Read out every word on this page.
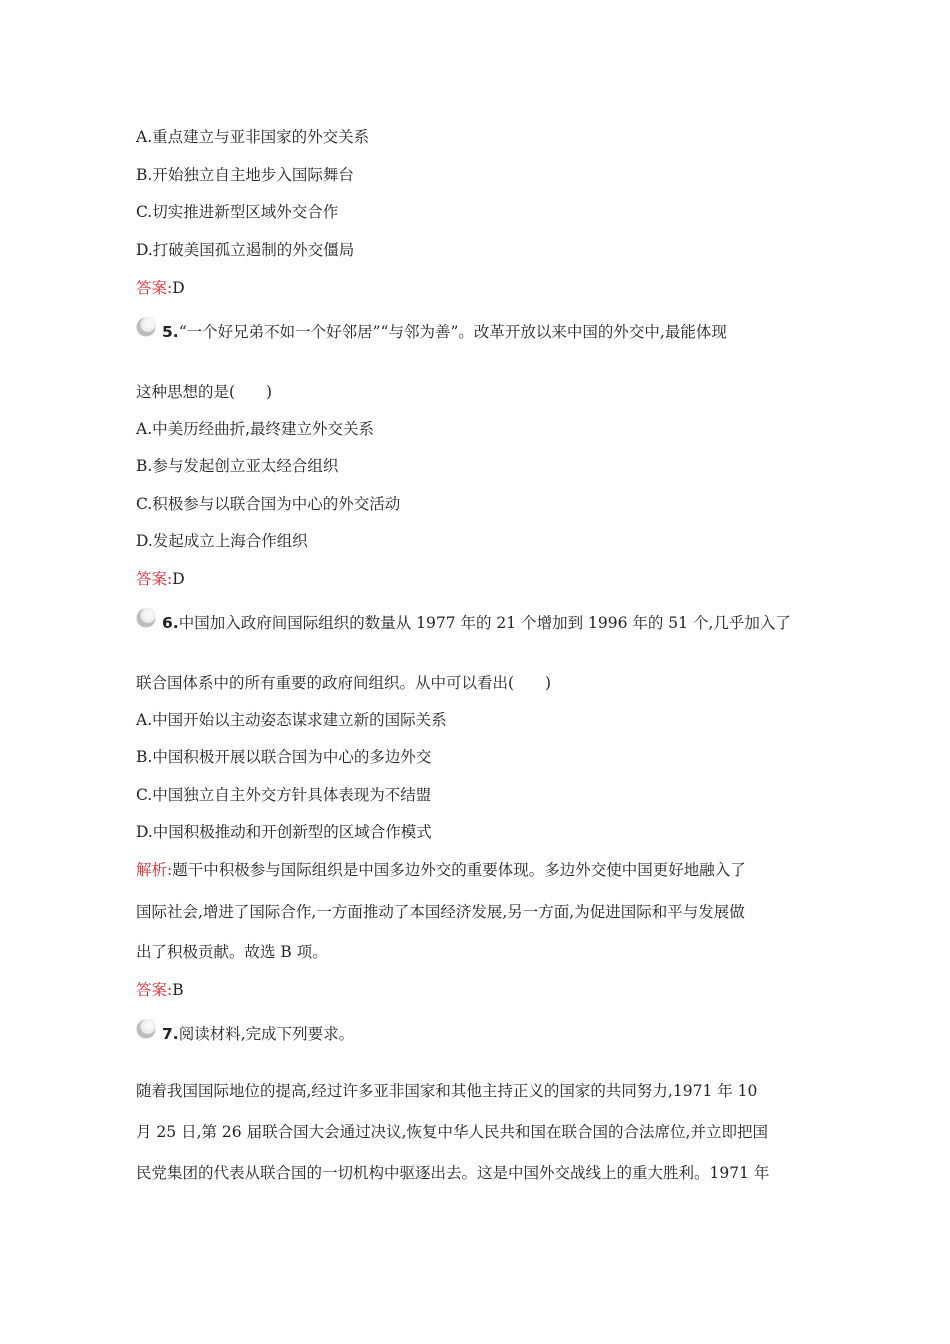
A.重点建立与亚非国家的外交关系
B.开始独立自主地步入国际舞台
C.切实推进新型区域外交合作
D.打破美国孤立遏制的外交僵局
答案:D
5.“一个好兄弟不如一个好邻居”“与邻为善”。改革开放以来中国的外交中,最能体现
这种思想的是(　　)
A.中美历经曲折,最终建立外交关系
B.参与发起创立亚太经合组织
C.积极参与以联合国为中心的外交活动
D.发起成立上海合作组织
答案:D
6.中国加入政府间国际组织的数量从 1977 年的 21 个增加到 1996 年的 51 个,几乎加入了
联合国体系中的所有重要的政府间组织。从中可以看出(　　)
A.中国开始以主动姿态谋求建立新的国际关系
B.中国积极开展以联合国为中心的多边外交
C.中国独立自主外交方针具体表现为不结盟
D.中国积极推动和开创新型的区域合作模式
解析:题干中积极参与国际组织是中国多边外交的重要体现。多边外交使中国更好地融入了
国际社会,增进了国际合作,一方面推动了本国经济发展,另一方面,为促进国际和平与发展做
出了积极贡献。故选 B 项。
答案:B
7.阅读材料,完成下列要求。
随着我国国际地位的提高,经过许多亚非国家和其他主持正义的国家的共同努力,1971 年 10
月 25 日,第 26 届联合国大会通过决议,恢复中华人民共和国在联合国的合法席位,并立即把国
民党集团的代表从联合国的一切机构中驱逐出去。这是中国外交战线上的重大胜利。1971 年
